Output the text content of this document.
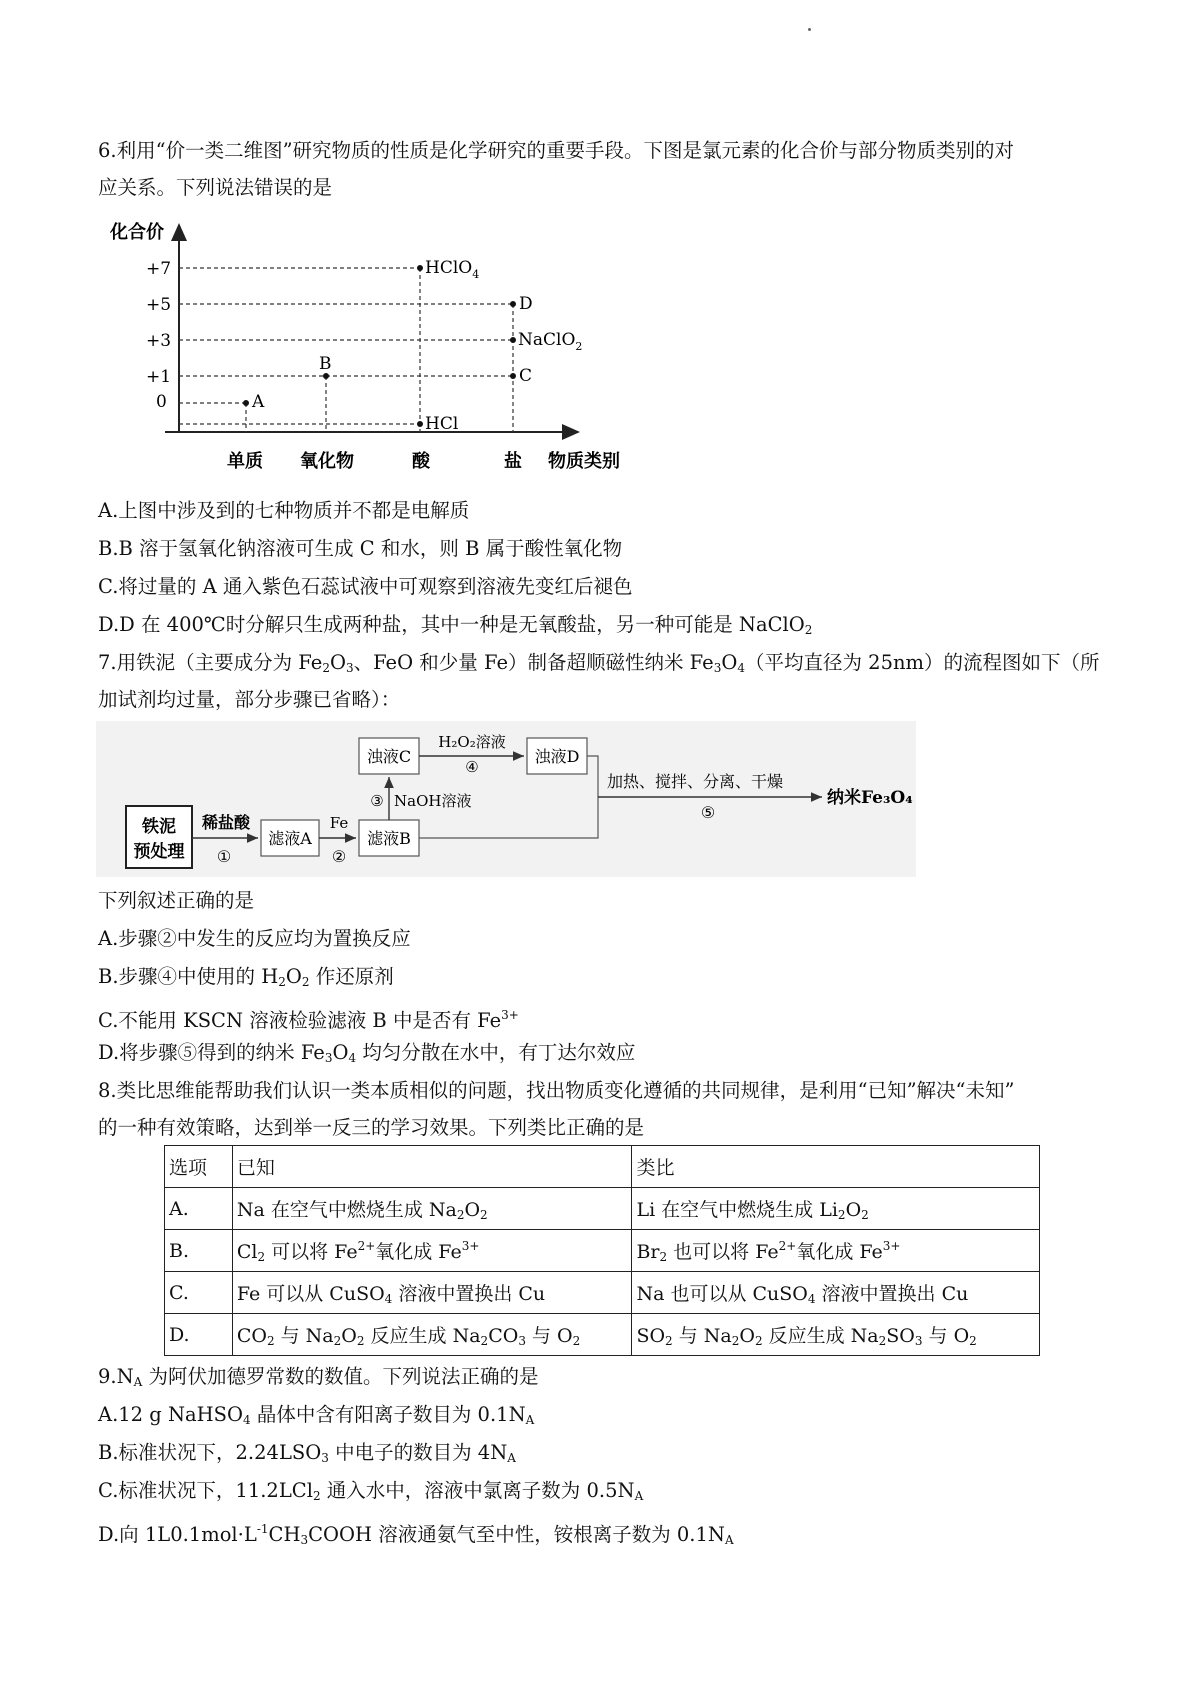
6.利用“价一类二维图”研究物质的性质是化学研究的重要手段。下图是氯元素的化合价与部分物质类别的对
应关系。下列说法错误的是
化合价
物质类别
+7
+5
+3
+1
0
单质 氧化物	酸	盐
A
B
HClO$_4$
HCl
D
NaClO$_2$
C
A.上图中涉及到的七种物质并不都是电解质
B.B 溶于氢氧化钠溶液可生成 C 和水，则 B 属于酸性氧化物
C.将过量的 A 通入紫色石蕊试液中可观察到溶液先变红后褪色
D.D 在 400℃时分解只生成两种盐，其中一种是无氧酸盐，另一种可能是 NaClO$_2$
7.用铁泥（主要成分为 $Fe_2O_3$、FeO 和少量 Fe）制备超顺磁性纳米 $Fe_3O_4$（平均直径为 25nm）的流程图如下（所
加试剂均过量，部分步骤已省略）：
铁泥
预处理
滤液A	滤液B
浊液C	浊液D
稀盐酸
①
Fe
②
③ NaOH溶液
H₂O₂溶液
④
加热、搅拌、分离、干燥
⑤
纳米Fe₃O₄
下列叙述正确的是
A.步骤②中发生的反应均为置换反应
B.步骤④中使用的 $H_2O_2$ 作还原剂
C.不能用 KSCN 溶液检验滤液 B 中是否有 $Fe^{3+}$
D.将步骤⑤得到的纳米 $Fe_3O_4$ 均匀分散在水中，有丁达尔效应
8.类比思维能帮助我们认识一类本质相似的问题，找出物质变化遵循的共同规律，是利用“已知”解决“未知”
的一种有效策略，达到举一反三的学习效果。下列类比正确的是
选项	已知	类比
A.	Na 在空气中燃烧生成 $Na_2O_2$	Li 在空气中燃烧生成 $Li_2O_2$
B.	$Cl_2$ 可以将 $Fe^{2+}$氧化成 $Fe^{3+}$	$Br_2$ 也可以将 $Fe^{2+}$氧化成 $Fe^{3+}$
C.	Fe 可以从 CuSO$_4$ 溶液中置换出 Cu	Na 也可以从 CuSO$_4$ 溶液中置换出 Cu
D.	$CO_2$ 与 $Na_2O_2$ 反应生成 $Na_2CO_3$ 与 $O_2$	$SO_2$ 与 $Na_2O_2$ 反应生成 $Na_2SO_3$ 与 $O_2$
$9.N_A$ 为阿伏加德罗常数的数值。下列说法正确的是
A.12 g NaHSO$_4$ 晶体中含有阳离子数目为 $0.1N_A$
B.标准状况下，$2.24LSO_3$ 中电子的数目为 $4N_A$
C.标准状况下，11.2LCl$_2$ 通入水中，溶液中氯离子数为 $0.5N_A$
D.向 $1L0.1mol\cdot L^{-1}CH_3COOH$ 溶液通氨气至中性，铵根离子数为 $0.1N_A$
